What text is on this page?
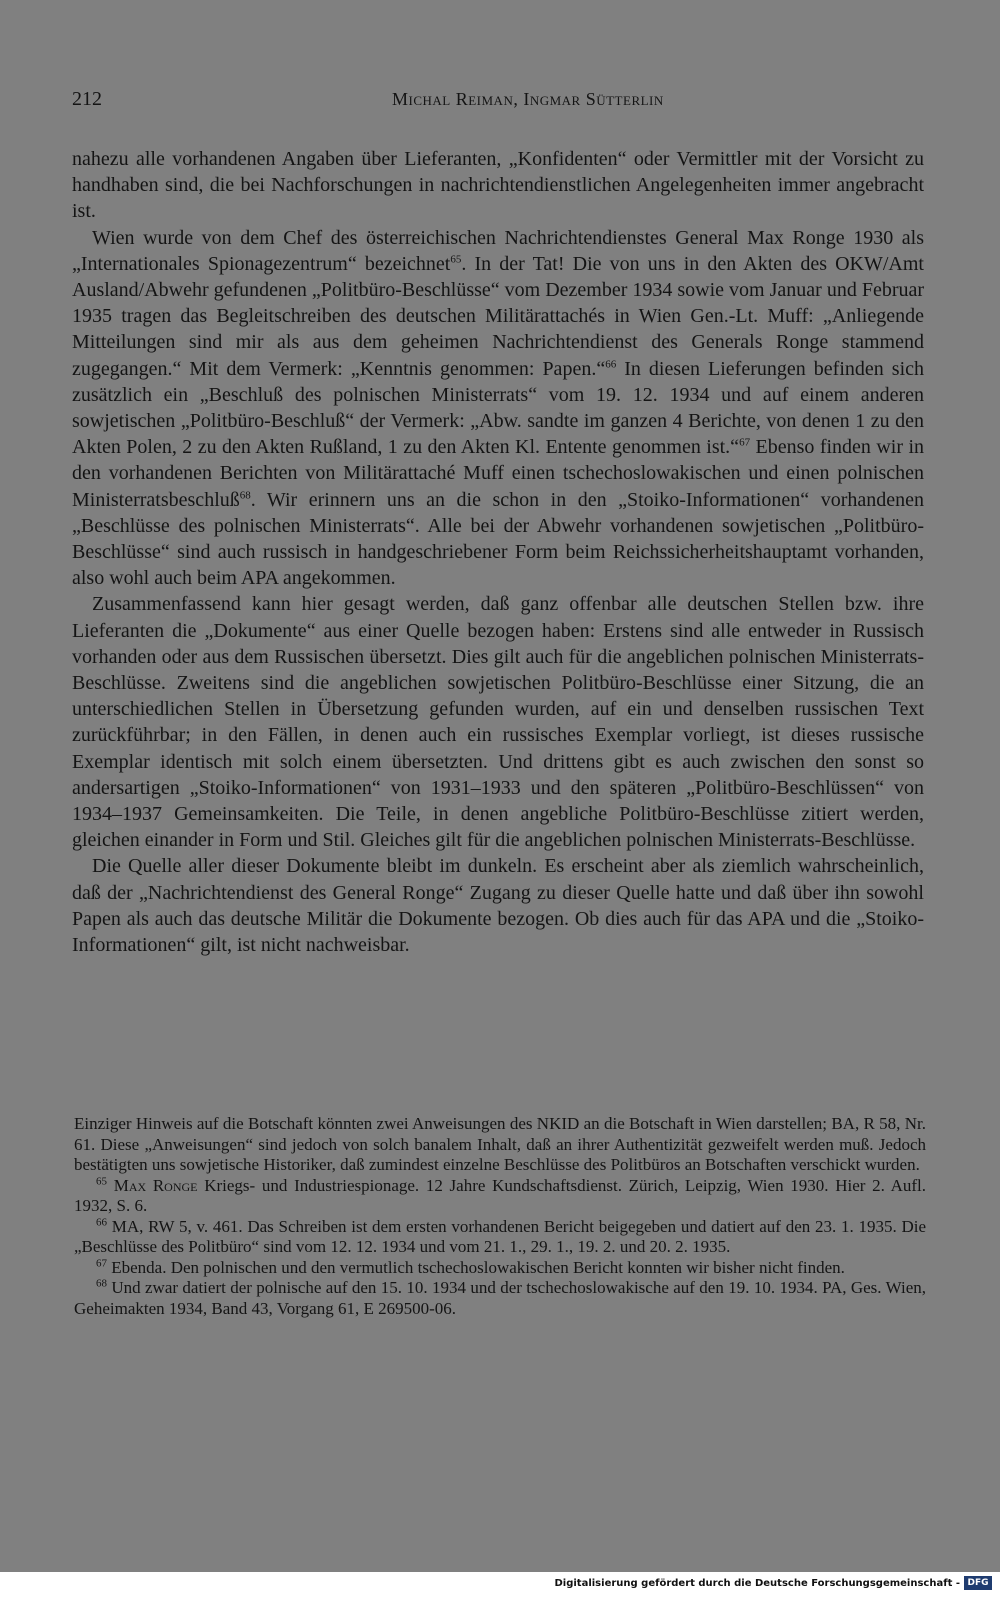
212	Michal Reiman, Ingmar Sütterlin

nahezu alle vorhandenen Angaben über Lieferanten, „Konfidenten“ oder Vermittler mit der Vorsicht zu handhaben sind, die bei Nachforschungen in nachrichtendienstlichen Angelegenheiten immer angebracht ist.

Wien wurde von dem Chef des österreichischen Nachrichtendienstes General Max Ronge 1930 als „Internationales Spionagezentrum“ bezeichnet$^{65}$. In der Tat! Die von uns in den Akten des OKW/Amt Ausland/Abwehr gefundenen „Politbüro-Beschlüsse“ vom Dezember 1934 sowie vom Januar und Februar 1935 tragen das Begleitschreiben des deutschen Militärattachés in Wien Gen.-Lt. Muff: „Anliegende Mitteilungen sind mir als aus dem geheimen Nachrichtendienst des Generals Ronge stammend zugegangen.“ Mit dem Vermerk: „Kenntnis genommen: Papen.“$^{66}$ In diesen Lieferungen befinden sich zusätzlich ein „Beschluß des polnischen Ministerrats“ vom 19. 12. 1934 und auf einem anderen sowjetischen „Politbüro-Beschluß“ der Vermerk: „Abw. sandte im ganzen 4 Berichte, von denen 1 zu den Akten Polen, 2 zu den Akten Rußland, 1 zu den Akten Kl. Entente genommen ist.“$^{67}$ Ebenso finden wir in den vorhandenen Berichten von Militärattaché Muff einen tschechoslowakischen und einen polnischen Ministerratsbeschluß$^{68}$. Wir erinnern uns an die schon in den „Stoiko-Informationen“ vorhandenen „Beschlüsse des polnischen Ministerrats“. Alle bei der Abwehr vorhandenen sowjetischen „Politbüro-Beschlüsse“ sind auch russisch in handgeschriebener Form beim Reichssicherheitshauptamt vorhanden, also wohl auch beim APA angekommen.

Zusammenfassend kann hier gesagt werden, daß ganz offenbar alle deutschen Stellen bzw. ihre Lieferanten die „Dokumente“ aus einer Quelle bezogen haben: Erstens sind alle entweder in Russisch vorhanden oder aus dem Russischen übersetzt. Dies gilt auch für die angeblichen polnischen Ministerrats-Beschlüsse. Zweitens sind die angeblichen sowjetischen Politbüro-Beschlüsse einer Sitzung, die an unterschiedlichen Stellen in Übersetzung gefunden wurden, auf ein und denselben russischen Text zurückführbar; in den Fällen, in denen auch ein russisches Exemplar vorliegt, ist dieses russische Exemplar identisch mit solch einem übersetzten. Und drittens gibt es auch zwischen den sonst so andersartigen „Stoiko-Informationen“ von 1931–1933 und den späteren „Politbüro-Beschlüssen“ von 1934–1937 Gemeinsamkeiten. Die Teile, in denen angebliche Politbüro-Beschlüsse zitiert werden, gleichen einander in Form und Stil. Gleiches gilt für die angeblichen polnischen Ministerrats-Beschlüsse.

Die Quelle aller dieser Dokumente bleibt im dunkeln. Es erscheint aber als ziemlich wahrscheinlich, daß der „Nachrichtendienst des General Ronge“ Zugang zu dieser Quelle hatte und daß über ihn sowohl Papen als auch das deutsche Militär die Dokumente bezogen. Ob dies auch für das APA und die „Stoiko-Informationen“ gilt, ist nicht nachweisbar.

Einziger Hinweis auf die Botschaft könnten zwei Anweisungen des NKID an die Botschaft in Wien darstellen; BA, R 58, Nr. 61. Diese „Anweisungen“ sind jedoch von solch banalem Inhalt, daß an ihrer Authentizität gezweifelt werden muß. Jedoch bestätigten uns sowjetische Historiker, daß zumindest einzelne Beschlüsse des Politbüros an Botschaften verschickt wurden.

$^{65}$ Max Ronge Kriegs- und Industriespionage. 12 Jahre Kundschaftsdienst. Zürich, Leipzig, Wien 1930. Hier 2. Aufl. 1932, S. 6.

$^{66}$ MA, RW 5, v. 461. Das Schreiben ist dem ersten vorhandenen Bericht beigegeben und datiert auf den 23. 1. 1935. Die „Beschlüsse des Politbüro“ sind vom 12. 12. 1934 und vom 21. 1., 29. 1., 19. 2. und 20. 2. 1935.

$^{67}$ Ebenda. Den polnischen und den vermutlich tschechoslowakischen Bericht konnten wir bisher nicht finden.

$^{68}$ Und zwar datiert der polnische auf den 15. 10. 1934 und der tschechoslowakische auf den 19. 10. 1934. PA, Ges. Wien, Geheimakten 1934, Band 43, Vorgang 61, E 269500-06.

Digitalisierung gefördert durch die Deutsche Forschungsgemeinschaft - DFG
